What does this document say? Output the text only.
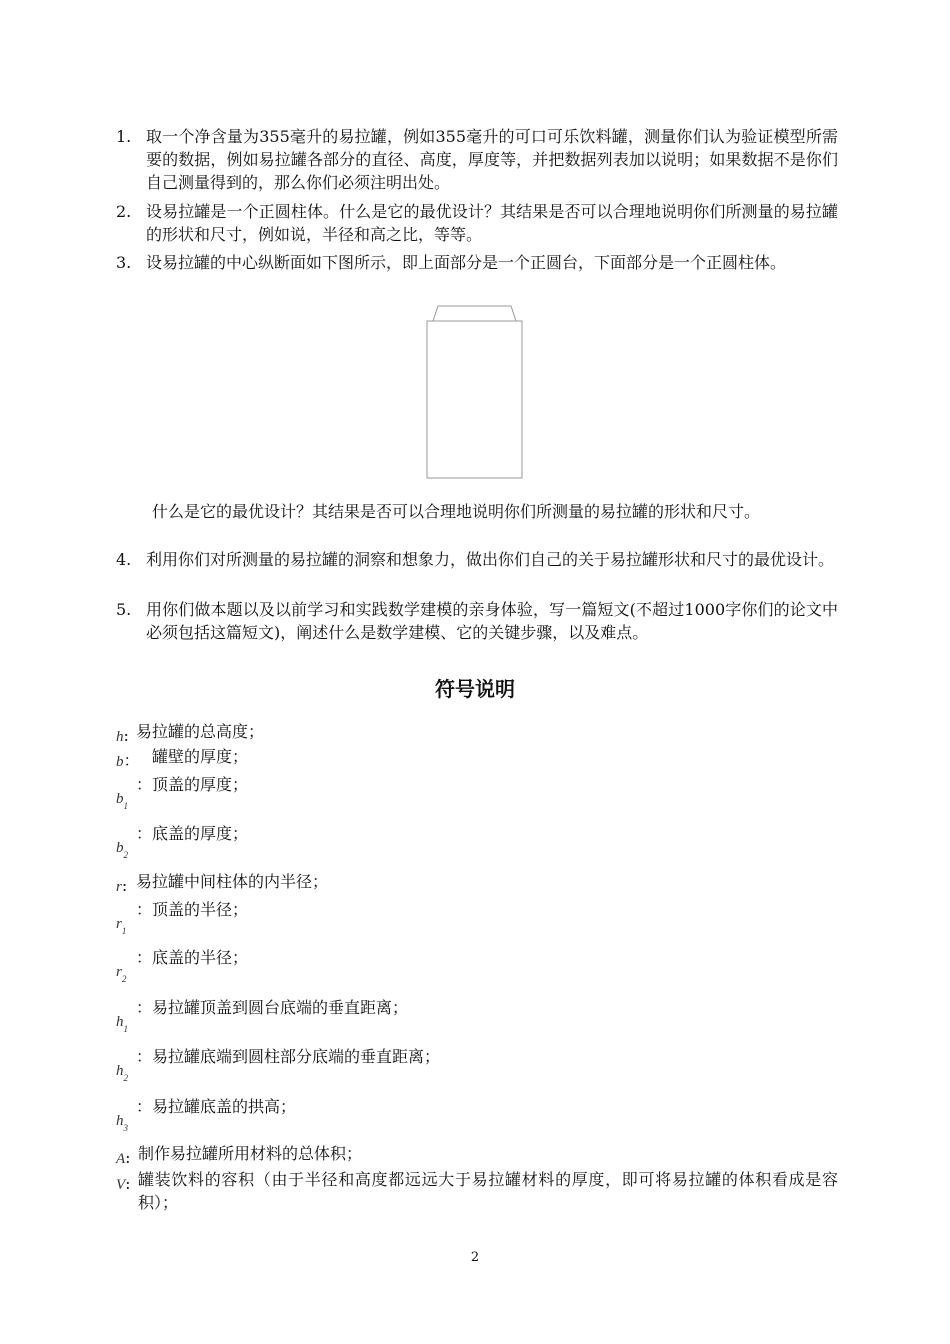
1. 取一个净含量为355毫升的易拉罐，例如355毫升的可口可乐饮料罐，测量你们认为验证模型所需要的数据，例如易拉罐各部分的直径、高度，厚度等，并把数据列表加以说明；如果数据不是你们自己测量得到的，那么你们必须注明出处。
2. 设易拉罐是一个正圆柱体。什么是它的最优设计？其结果是否可以合理地说明你们所测量的易拉罐的形状和尺寸，例如说，半径和高之比，等等。
3. 设易拉罐的中心纵断面如下图所示，即上面部分是一个正圆台，下面部分是一个正圆柱体。
什么是它的最优设计？其结果是否可以合理地说明你们所测量的易拉罐的形状和尺寸。
4. 利用你们对所测量的易拉罐的洞察和想象力，做出你们自己的关于易拉罐形状和尺寸的最优设计。
5. 用你们做本题以及以前学习和实践数学建模的亲身体验，写一篇短文(不超过1000字你们的论文中必须包括这篇短文)，阐述什么是数学建模、它的关键步骤，以及难点。
符号说明
h: 易拉罐的总高度；
b： 罐壁的厚度；
$b_1$
：顶盖的厚度；
$b_2$
：底盖的厚度；
r: 易拉罐中间柱体的内半径；
$r_1$
：顶盖的半径；
$r_2$
：底盖的半径；
$h_1$
：易拉罐顶盖到圆台底端的垂直距离；
$h_2$
：易拉罐底端到圆柱部分底端的垂直距离；
$h_3$
：易拉罐底盖的拱高；
A: 制作易拉罐所用材料的总体积；
V: 罐装饮料的容积（由于半径和高度都远远大于易拉罐材料的厚度，即可将易拉罐的体积看成是容积）；
2
